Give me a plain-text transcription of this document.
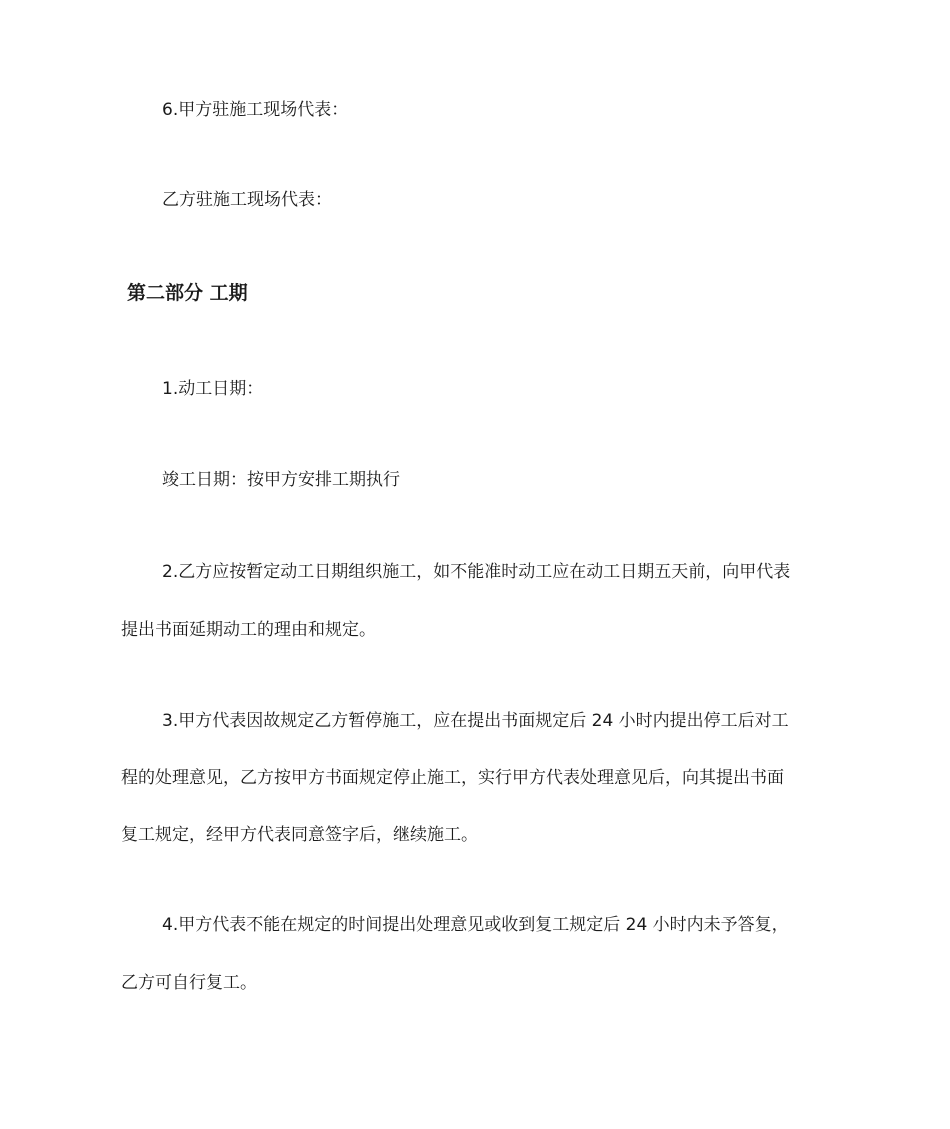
6.甲方驻施工现场代表：

乙方驻施工现场代表：

第二部分 工期

1.动工日期：

竣工日期：按甲方安排工期执行

2.乙方应按暂定动工日期组织施工，如不能准时动工应在动工日期五天前，向甲代表

提出书面延期动工的理由和规定。

3.甲方代表因故规定乙方暂停施工，应在提出书面规定后 24 小时内提出停工后对工

程的处理意见，乙方按甲方书面规定停止施工，实行甲方代表处理意见后，向其提出书面

复工规定，经甲方代表同意签字后，继续施工。

4.甲方代表不能在规定的时间提出处理意见或收到复工规定后 24 小时内未予答复，

乙方可自行复工。
